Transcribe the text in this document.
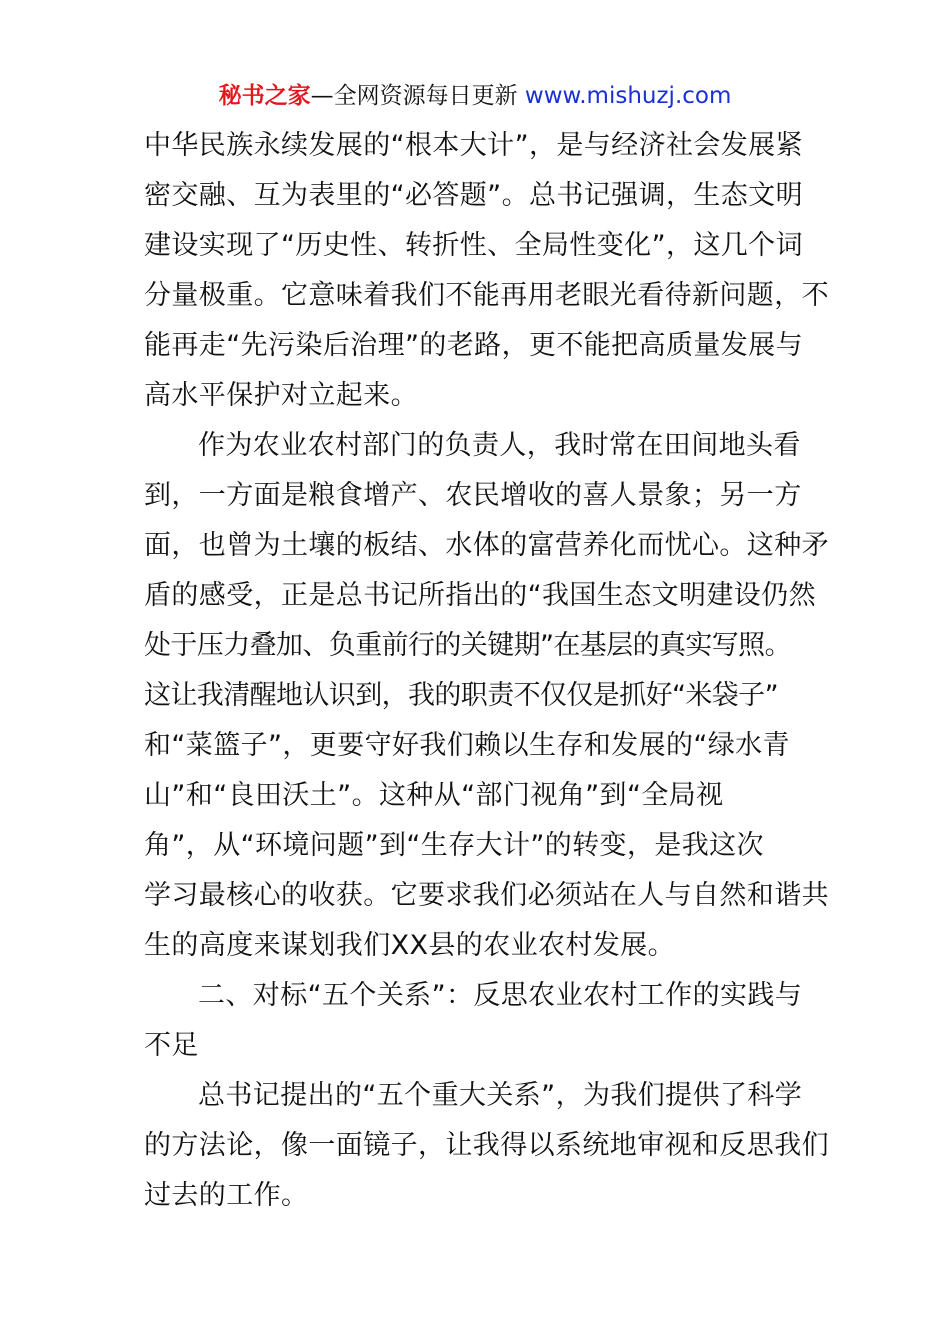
秘书之家—全网资源每日更新 www.mishuzj.com
中华民族永续发展的“根本大计”，是与经济社会发展紧
密交融、互为表里的“必答题”。总书记强调，生态文明
建设实现了“历史性、转折性、全局性变化”，这几个词
分量极重。它意味着我们不能再用老眼光看待新问题，不
能再走“先污染后治理”的老路，更不能把高质量发展与
高水平保护对立起来。
作为农业农村部门的负责人，我时常在田间地头看
到，一方面是粮食增产、农民增收的喜人景象；另一方
面，也曾为土壤的板结、水体的富营养化而忧心。这种矛
盾的感受，正是总书记所指出的“我国生态文明建设仍然
处于压力叠加、负重前行的关键期”在基层的真实写照。
这让我清醒地认识到，我的职责不仅仅是抓好“米袋子”
和“菜篮子”，更要守好我们赖以生存和发展的“绿水青
山”和“良田沃土”。这种从“部门视角”到“全局视
角”，从“环境问题”到“生存大计”的转变，是我这次
学习最核心的收获。它要求我们必须站在人与自然和谐共
生的高度来谋划我们XX县的农业农村发展。
二、对标“五个关系”：反思农业农村工作的实践与
不足
总书记提出的“五个重大关系”，为我们提供了科学
的方法论，像一面镜子，让我得以系统地审视和反思我们
过去的工作。
